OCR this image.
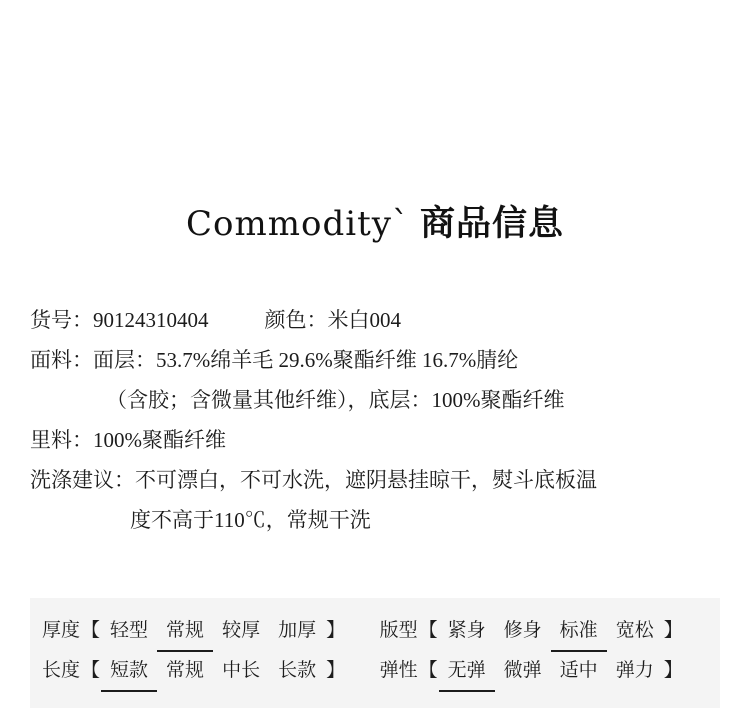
Commodity` 商品信息
货号：90124310404	颜色：米白004
面料：面层：53.7%绵羊毛 29.6%聚酯纤维 16.7%腈纶
（含胶；含微量其他纤维），底层：100%聚酯纤维
里料：100%聚酯纤维
洗涤建议：不可漂白，不可水洗，遮阴悬挂晾干，熨斗底板温
度不高于110℃，常规干洗
厚度【 轻型 常规 较厚 加厚 】 版型【 紧身 修身 标准 宽松 】
长度【 短款 常规 中长 长款 】 弹性【 无弹 微弹 适中 弹力 】
